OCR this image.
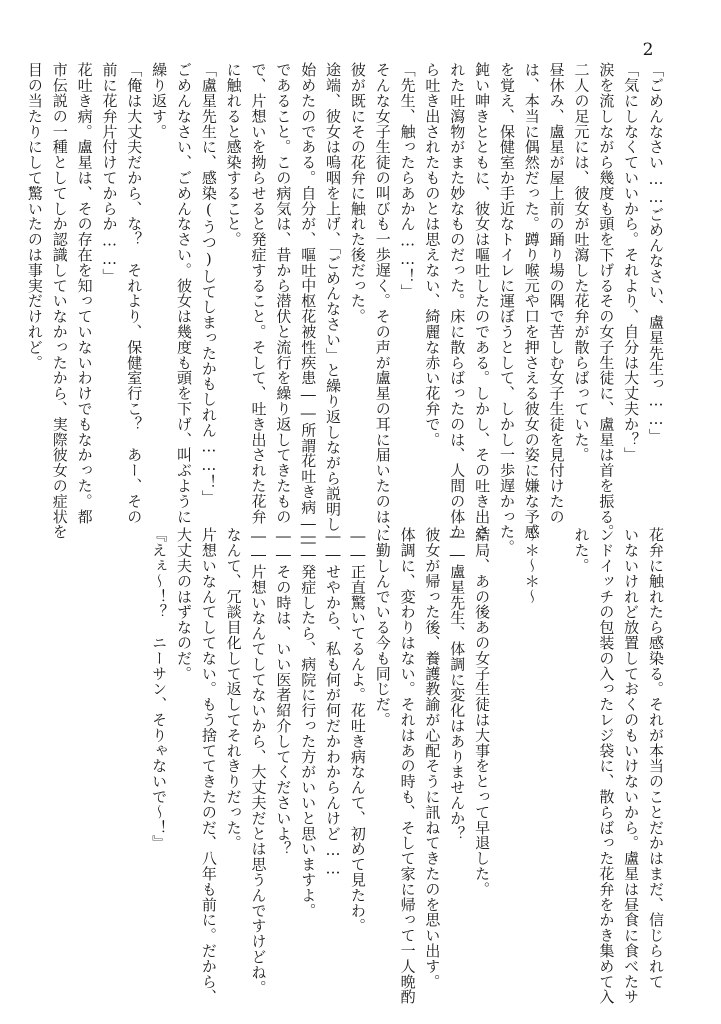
2

「ごめんなさい……ごめんなさい、盧星先生っ……」

「気にしなくていいから。それより、自分は大丈夫か？」

涙を流しながら幾度も頭を下げるその女子生徒に、盧星は首を振る。

二人の足元には、彼女が吐瀉した花弁が散らばっていた。

昼休み、盧星が屋上前の踊り場の隅で苦しむ女子生徒を見付けたの

は、本当に偶然だった。蹲り喉元や口を押さえる彼女の姿に嫌な予感

を覚え、保健室か手近なトイレに運ぼうとして、しかし一歩遅かった。

鈍い呻きとともに、彼女は嘔吐したのである。しかし、その吐き出さ

れた吐瀉物がまた妙なものだった。床に散らばったのは、人間の体か

ら吐き出されたものとは思えない、綺麗な赤い花弁で。

「先生、触ったらあかん……！」

そんな女子生徒の叫びも一歩遅く。その声が盧星の耳に届いたのは、

彼が既にその花弁に触れた後だった。

途端、彼女は嗚咽を上げ、「ごめんなさい」と繰り返しながら説明し

始めたのである。自分が、嘔吐中枢花被性疾患――所謂花吐き病――

であること。この病気は、昔から潜伏と流行を繰り返してきたもの

で、片想いを拗らせると発症すること。そして、吐き出された花弁

に触れると感染すること。

「盧星先生に、感染(うつ)してしまったかもしれん……！」

ごめんなさい、ごめんなさい。彼女は幾度も頭を下げ、叫ぶように

繰り返す。

「俺は大丈夫だから、な？　それより、保健室行こ？　あー、その

前に花弁片付けてからか……」

花吐き病。盧星は、その存在を知っていないわけでもなかった。都

市伝説の一種としてしか認識していなかったから、実際彼女の症状を

目の当たりにして驚いたのは事実だけれど。

花弁に触れたら感染る。それが本当のことだかはまだ、信じられて

いないけれど放置しておくのもいけないから。盧星は昼食に食べたサ

ンドイッチの包装の入ったレジ袋に、散らばった花弁をかき集めて入

れた。

～＊～＊～

結局、あの後あの女子生徒は大事をとって早退した。

――盧星先生、体調に変化はありませんか？

彼女が帰った後、養護教諭が心配そうに訊ねてきたのを思い出す。

体調に、変わりはない。それはあの時も、そして家に帰って一人晩酌

に勤しんでいる今も同じだ。

――正直驚いてるんよ。花吐き病なんて、初めて見たわ。

――せやから、私も何が何だかわからんけど……

――発症したら、病院に行った方がいいと思いますよ。

――その時は、いい医者紹介してくださいよ？

――片想いなんてしてないから、大丈夫だとは思うんですけどね。

なんて、冗談目化して返してそれきりだった。

片想いなんてしてない。もう捨ててきたのだ、八年も前に。だから、

大丈夫のはずなのだ。

『えぇ〜！？　ニーサン、そりゃないで〜！』
